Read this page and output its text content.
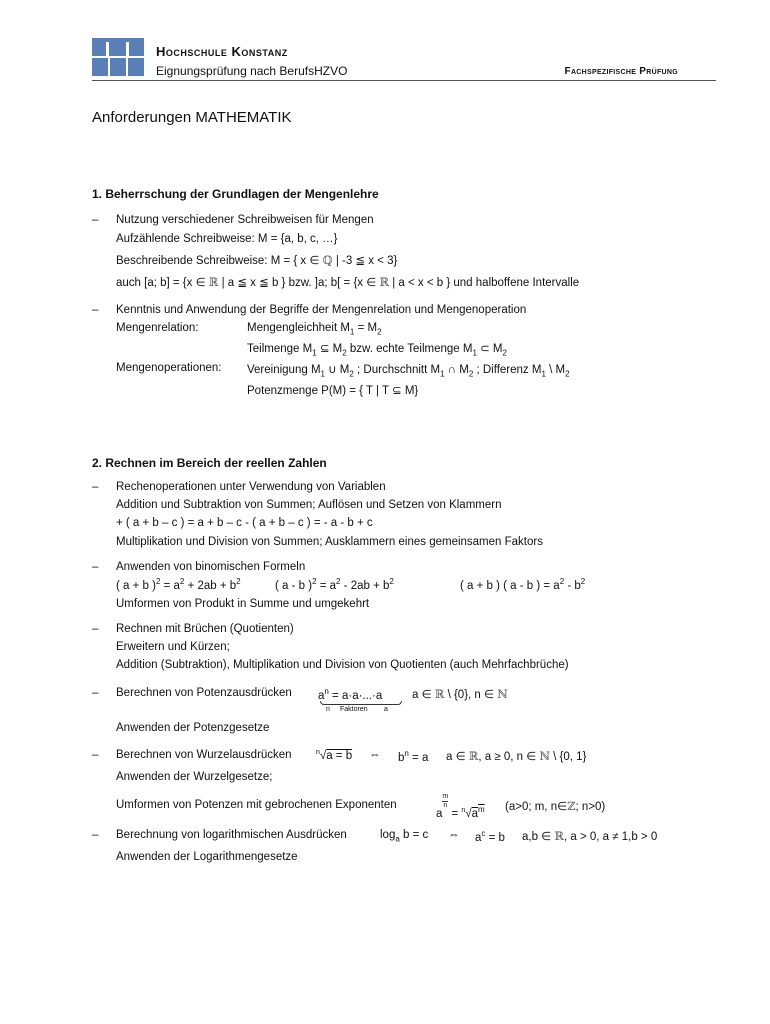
Hochschule Konstanz
Eignungsprüfung nach BerufsHZVO	Fachspezifische Prüfung
Anforderungen MATHEMATIK
1. Beherrschung der Grundlagen der Mengenlehre
– Nutzung verschiedener Schreibweisen für Mengen
Aufzählende Schreibweise: M = {a, b, c, …}
Beschreibende Schreibweise: M = { x ∈ ℚ | -3 ≦ x < 3}
auch [a; b] = {x ∈ ℝ | a ≦ x ≦ b } bzw. ]a; b[ = {x ∈ ℝ | a < x < b } und halboffene Intervalle
– Kenntnis und Anwendung der Begriffe der Mengenrelation und Mengenoperation
Mengenrelation:	Mengengleichheit $M_1 = M_2$
Teilmenge $M_1$ ⊆ $M_2$ bzw. echte Teilmenge $M_1$ ⊂ $M_2$
Mengenoperationen: Vereinigung $M_1$ ∪ $M_2$ ; Durchschnitt $M_1$ ∩ $M_2$ ; Differenz $M_1$ \ $M_2$
Potenzmenge P(M) = { T | T ⊆ M}
2. Rechnen im Bereich der reellen Zahlen
– Rechenoperationen unter Verwendung von Variablen
Addition und Subtraktion von Summen; Auflösen und Setzen von Klammern
+ ( a + b – c ) = a + b – c - ( a + b – c ) = - a - b + c
Multiplikation und Division von Summen; Ausklammern eines gemeinsamen Faktors
– Anwenden von binomischen Formeln
( a + b )$^2 = a^2 + 2ab + b^2$	( a - b )$^2 = a^2 - 2ab + b^2$	( a + b ) ( a - b ) = $a^2 - b^2$
Umformen von Produkt in Summe und umgekehrt
– Rechnen mit Brüchen (Quotienten)
Erweitern und Kürzen;
Addition (Subtraktion), Multiplikation und Division von Quotienten (auch Mehrfachbrüche)
– Berechnen von Potenzausdrücken $a^n = a\cdot a\cdot...\cdot a$
n Faktoren a
a ∈ ℝ \ {0}, n ∈ ℕ
Anwenden der Potenzgesetze
– Berechnen von Wurzelausdrücken	$^n$√a = b ⇔ $b^n = a$ a ∈ ℝ, a ≥ 0, n ∈ ℕ \ {0, 1}
Anwenden der Wurzelgesetze;
Umformen von Potenzen mit gebrochenen Exponenten
a
$\frac{m}{n}$
= $^n√a^m$ (a>0; m, n∈ℤ; n>0)
– Berechnung von logarithmischen Ausdrücken	$\log_a b = c$ ⇔ $a^c = b$ a,b ∈ ℝ, a > 0, a ≠ 1,b > 0
Anwenden der Logarithmengesetze
